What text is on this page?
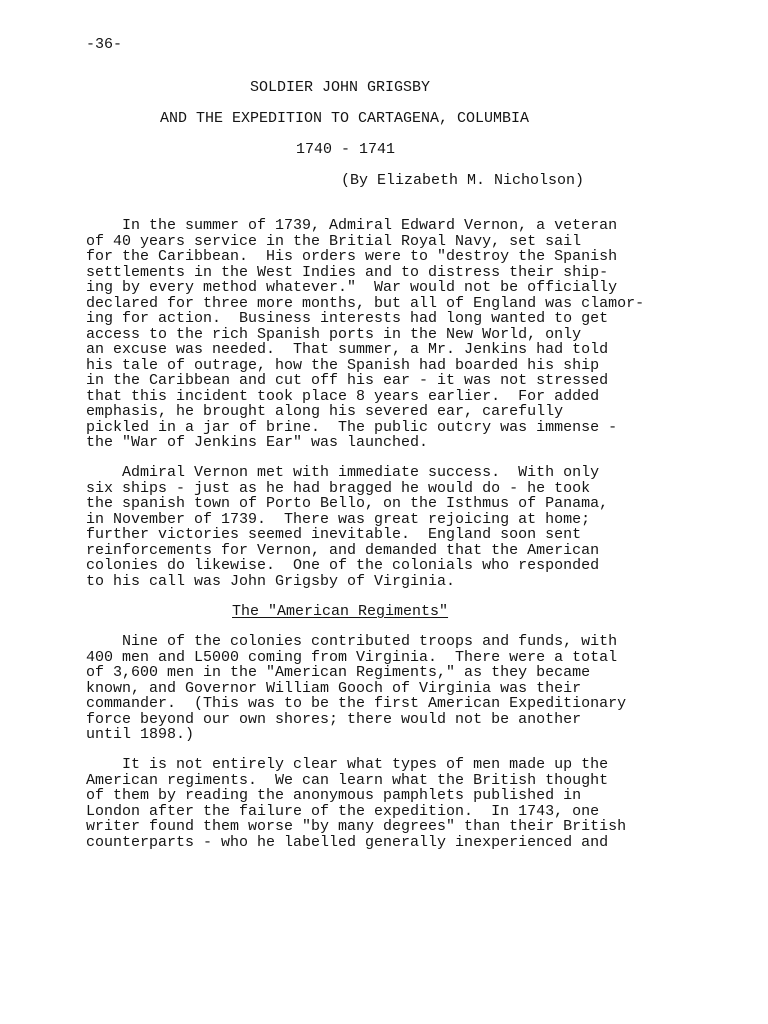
-36-
SOLDIER JOHN GRIGSBY
AND THE EXPEDITION TO CARTAGENA, COLUMBIA
1740 - 1741
(By Elizabeth M. Nicholson)
In the summer of 1739, Admiral Edward Vernon, a veteran
of 40 years service in the Britial Royal Navy, set sail
for the Caribbean.  His orders were to "destroy the Spanish
settlements in the West Indies and to distress their ship-
ing by every method whatever."  War would not be officially
declared for three more months, but all of England was clamor-
ing for action.  Business interests had long wanted to get
access to the rich Spanish ports in the New World, only
an excuse was needed.  That summer, a Mr. Jenkins had told
his tale of outrage, how the Spanish had boarded his ship
in the Caribbean and cut off his ear - it was not stressed
that this incident took place 8 years earlier.  For added
emphasis, he brought along his severed ear, carefully
pickled in a jar of brine.  The public outcry was immense -
the "War of Jenkins Ear" was launched.
Admiral Vernon met with immediate success.  With only
six ships - just as he had bragged he would do - he took
the spanish town of Porto Bello, on the Isthmus of Panama,
in November of 1739.  There was great rejoicing at home;
further victories seemed inevitable.  England soon sent
reinforcements for Vernon, and demanded that the American
colonies do likewise.  One of the colonials who responded
to his call was John Grigsby of Virginia.
The "American Regiments"
Nine of the colonies contributed troops and funds, with
400 men and L5000 coming from Virginia.  There were a total
of 3,600 men in the "American Regiments," as they became
known, and Governor William Gooch of Virginia was their
commander.  (This was to be the first American Expeditionary
force beyond our own shores; there would not be another
until 1898.)
It is not entirely clear what types of men made up the
American regiments.  We can learn what the British thought
of them by reading the anonymous pamphlets published in
London after the failure of the expedition.  In 1743, one
writer found them worse "by many degrees" than their British
counterparts - who he labelled generally inexperienced and
